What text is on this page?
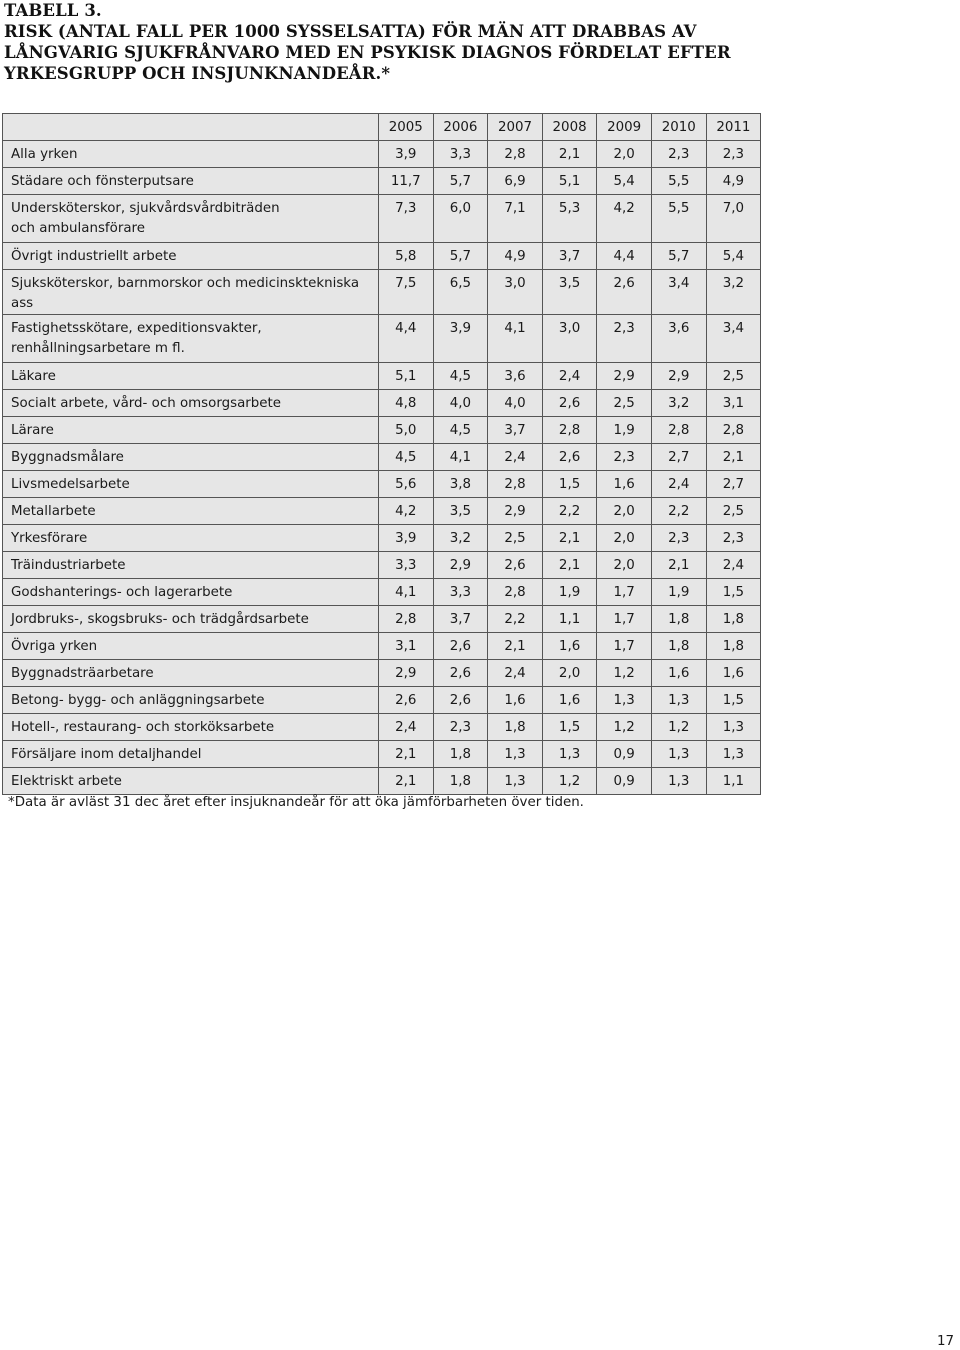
TABELL 3.
RISK (ANTAL FALL PER 1000 SYSSELSATTA) FÖR MÄN ATT DRABBAS AV
LÅNGVARIG SJUKFRÅNVARO MED EN PSYKISK DIAGNOS FÖRDELAT EFTER
YRKESGRUPP OCH INSJUNKNANDEÅR.*

	2005	2006	2007	2008	2009	2010	2011

Alla yrken	3,9	3,3	2,8	2,1	2,0	2,3	2,3

Städare och fönsterputsare	11,7	5,7	6,9	5,1	5,4	5,5	4,9

Undersköterskor, sjukvårdsvårdbiträden
och ambulansförare	7,3	6,0	7,1	5,3	4,2	5,5	7,0

Övrigt industriellt arbete	5,8	5,7	4,9	3,7	4,4	5,7	5,4

Sjuksköterskor, barnmorskor och medicinsktekniska ass	7,5	6,5	3,0	3,5	2,6	3,4	3,2

Fastighetsskötare, expeditionsvakter,
renhållningsarbetare m fl.	4,4	3,9	4,1	3,0	2,3	3,6	3,4

Läkare	5,1	4,5	3,6	2,4	2,9	2,9	2,5

Socialt arbete, vård- och omsorgsarbete	4,8	4,0	4,0	2,6	2,5	3,2	3,1

Lärare	5,0	4,5	3,7	2,8	1,9	2,8	2,8

Byggnadsmålare	4,5	4,1	2,4	2,6	2,3	2,7	2,1

Livsmedelsarbete	5,6	3,8	2,8	1,5	1,6	2,4	2,7

Metallarbete	4,2	3,5	2,9	2,2	2,0	2,2	2,5

Yrkesförare	3,9	3,2	2,5	2,1	2,0	2,3	2,3

Träindustriarbete	3,3	2,9	2,6	2,1	2,0	2,1	2,4

Godshanterings- och lagerarbete	4,1	3,3	2,8	1,9	1,7	1,9	1,5

Jordbruks-, skogsbruks- och trädgårdsarbete	2,8	3,7	2,2	1,1	1,7	1,8	1,8

Övriga yrken	3,1	2,6	2,1	1,6	1,7	1,8	1,8

Byggnadsträarbetare	2,9	2,6	2,4	2,0	1,2	1,6	1,6

Betong- bygg- och anläggningsarbete	2,6	2,6	1,6	1,6	1,3	1,3	1,5

Hotell-, restaurang- och storköksarbete	2,4	2,3	1,8	1,5	1,2	1,2	1,3

Försäljare inom detaljhandel	2,1	1,8	1,3	1,3	0,9	1,3	1,3

Elektriskt arbete	2,1	1,8	1,3	1,2	0,9	1,3	1,1
*Data är avläst 31 dec året efter insjuknandeår för att öka jämförbarheten över tiden.
17
